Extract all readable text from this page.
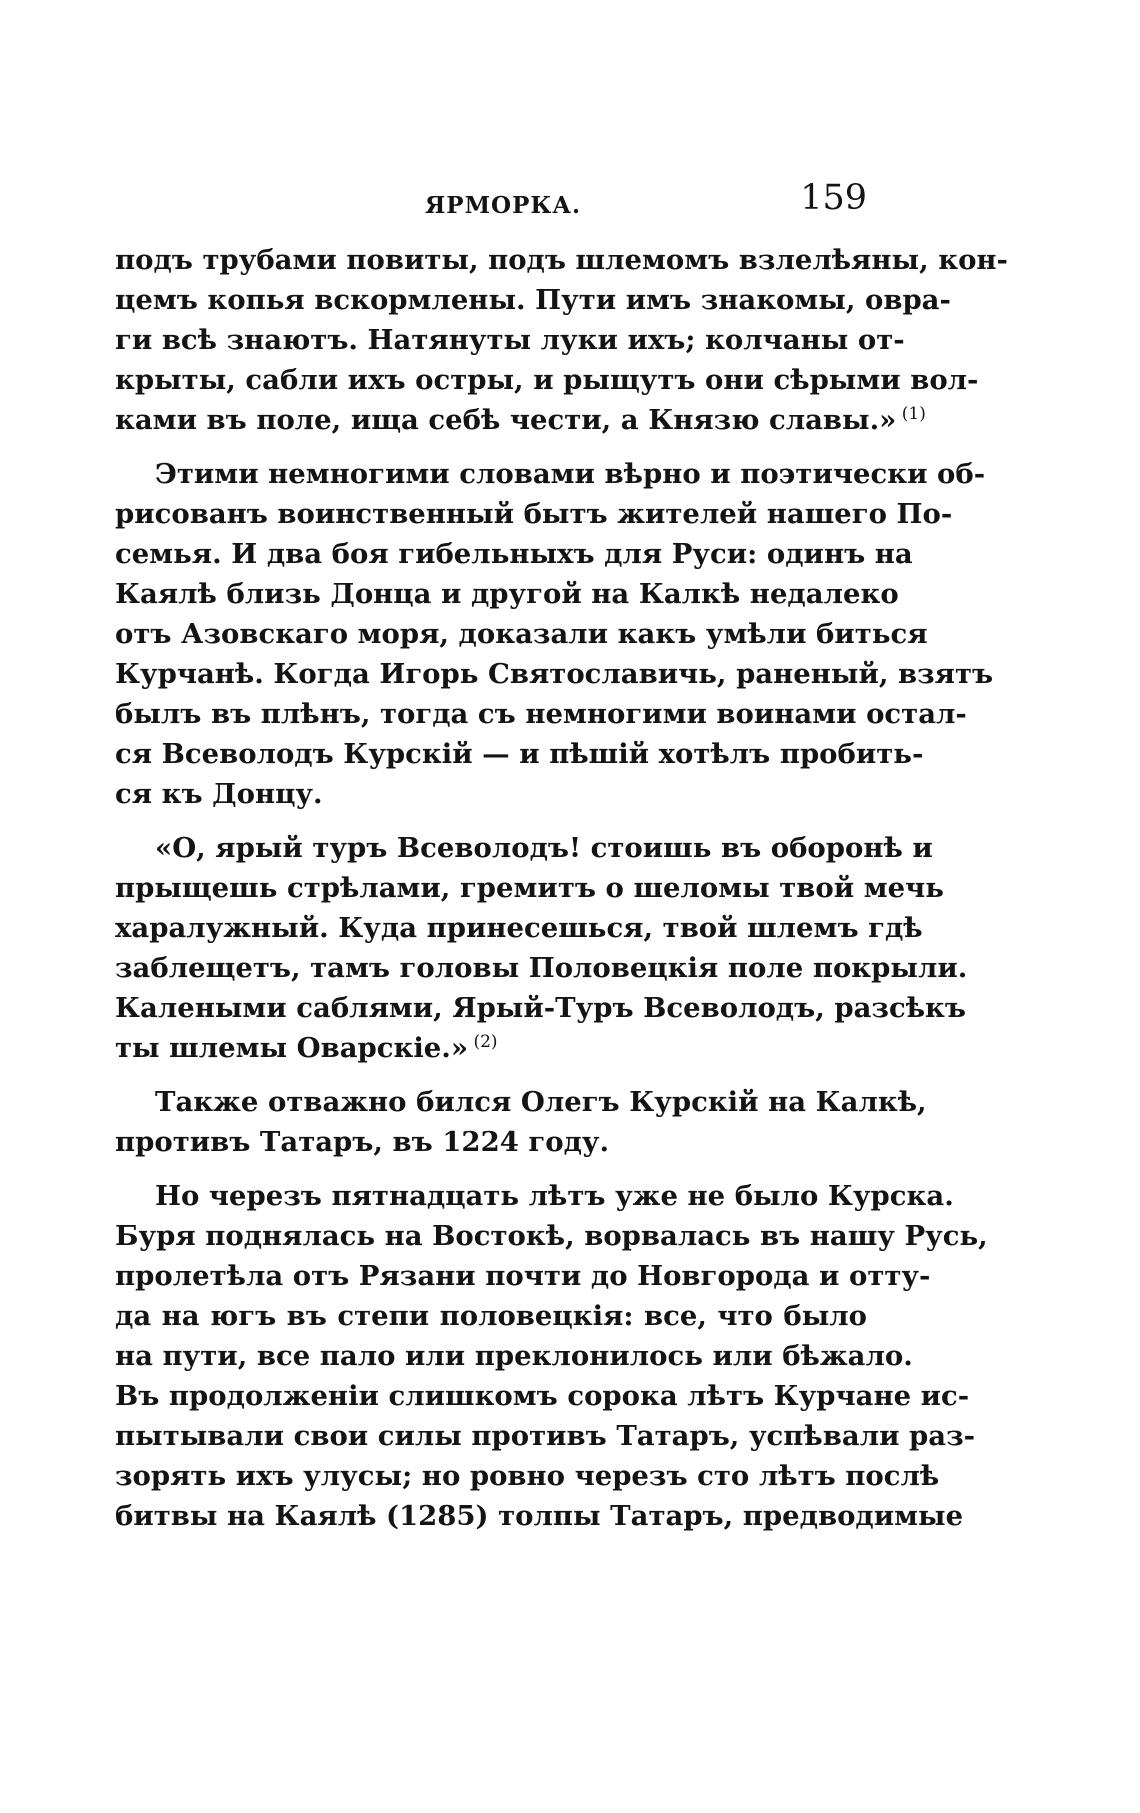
ЯРМОРКА.	159
подъ трубами повиты, подъ шлемомъ взлелѣяны, кон-
цемъ копья вскормлены. Пути имъ знакомы, овра-
ги всѣ знаютъ. Натянуты луки ихъ; колчаны от-
крыты, сабли ихъ остры, и рыщутъ они сѣрыми вол-
ками въ поле, ища себѣ чести, а Князю славы.» $^{(1)}$
Этими немногими словами вѣрно и поэтически об-
рисованъ воинственный бытъ жителей нашего По-
семья. И два боя гибельныхъ для Руси: одинъ на
Каялѣ близь Донца и другой на Калкѣ недалеко
отъ Азовскаго моря, доказали какъ умѣли биться
Курчанѣ. Когда Игорь Святославичь, раненый, взятъ
былъ въ плѣнъ, тогда съ немногими воинами остал-
ся Всеволодъ Курскій — и пѣшій хотѣлъ пробить-
ся къ Донцу.
«О, ярый туръ Всеволодъ! стоишь въ оборонѣ и
прыщешь стрѣлами, гремитъ о шеломы твой мечь
харалужный. Куда принесешься, твой шлемъ гдѣ
заблещетъ, тамъ головы Половецкія поле покрыли.
Калеными саблями, Ярый-Туръ Всеволодъ, разсѣкъ
ты шлемы Оварскіе.» $^{(2)}$
Также отважно бился Олегъ Курскій на Калкѣ,
противъ Татаръ, въ 1224 году.
Но черезъ пятнадцать лѣтъ уже не было Курска.
Буря поднялась на Востокѣ, ворвалась въ нашу Русь,
пролетѣла отъ Рязани почти до Новгорода и отту-
да на югъ въ степи половецкія: все, что было
на пути, все пало или преклонилось или бѣжало.
Въ продолженіи слишкомъ сорока лѣтъ Курчане ис-
пытывали свои силы противъ Татаръ, успѣвали раз-
зорять ихъ улусы; но ровно черезъ сто лѣтъ послѣ
битвы на Каялѣ (1285) толпы Татаръ, предводимые
